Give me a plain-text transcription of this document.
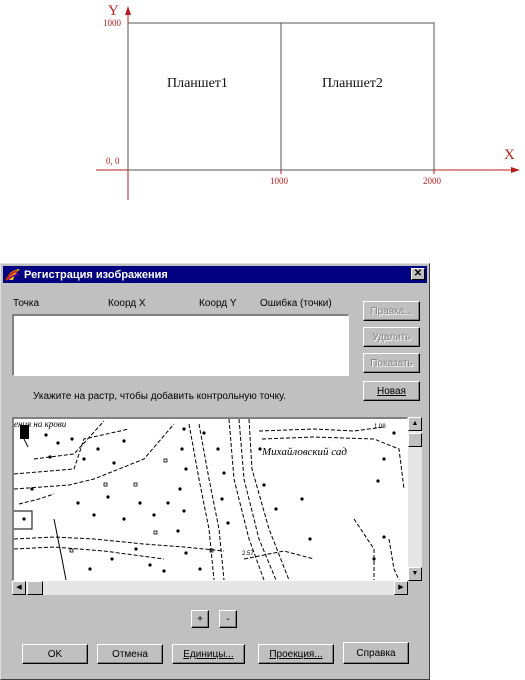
Y
X
1000
0, 0
1000	2000
Планшет1	Планшет2
Регистрация изображения	✕
Точка	Коорд X	Коорд Y Ошибка (точки)
Правка...
Удалить
Показать
Новая
Укажите на растр, чтобы добавить контрольную точку.
ения на крови
Михайловский сад
1.08
2.57
▲
▼
◀	▶
+ -
OK	Отмена	Единицы...	Проекция...	Справка
